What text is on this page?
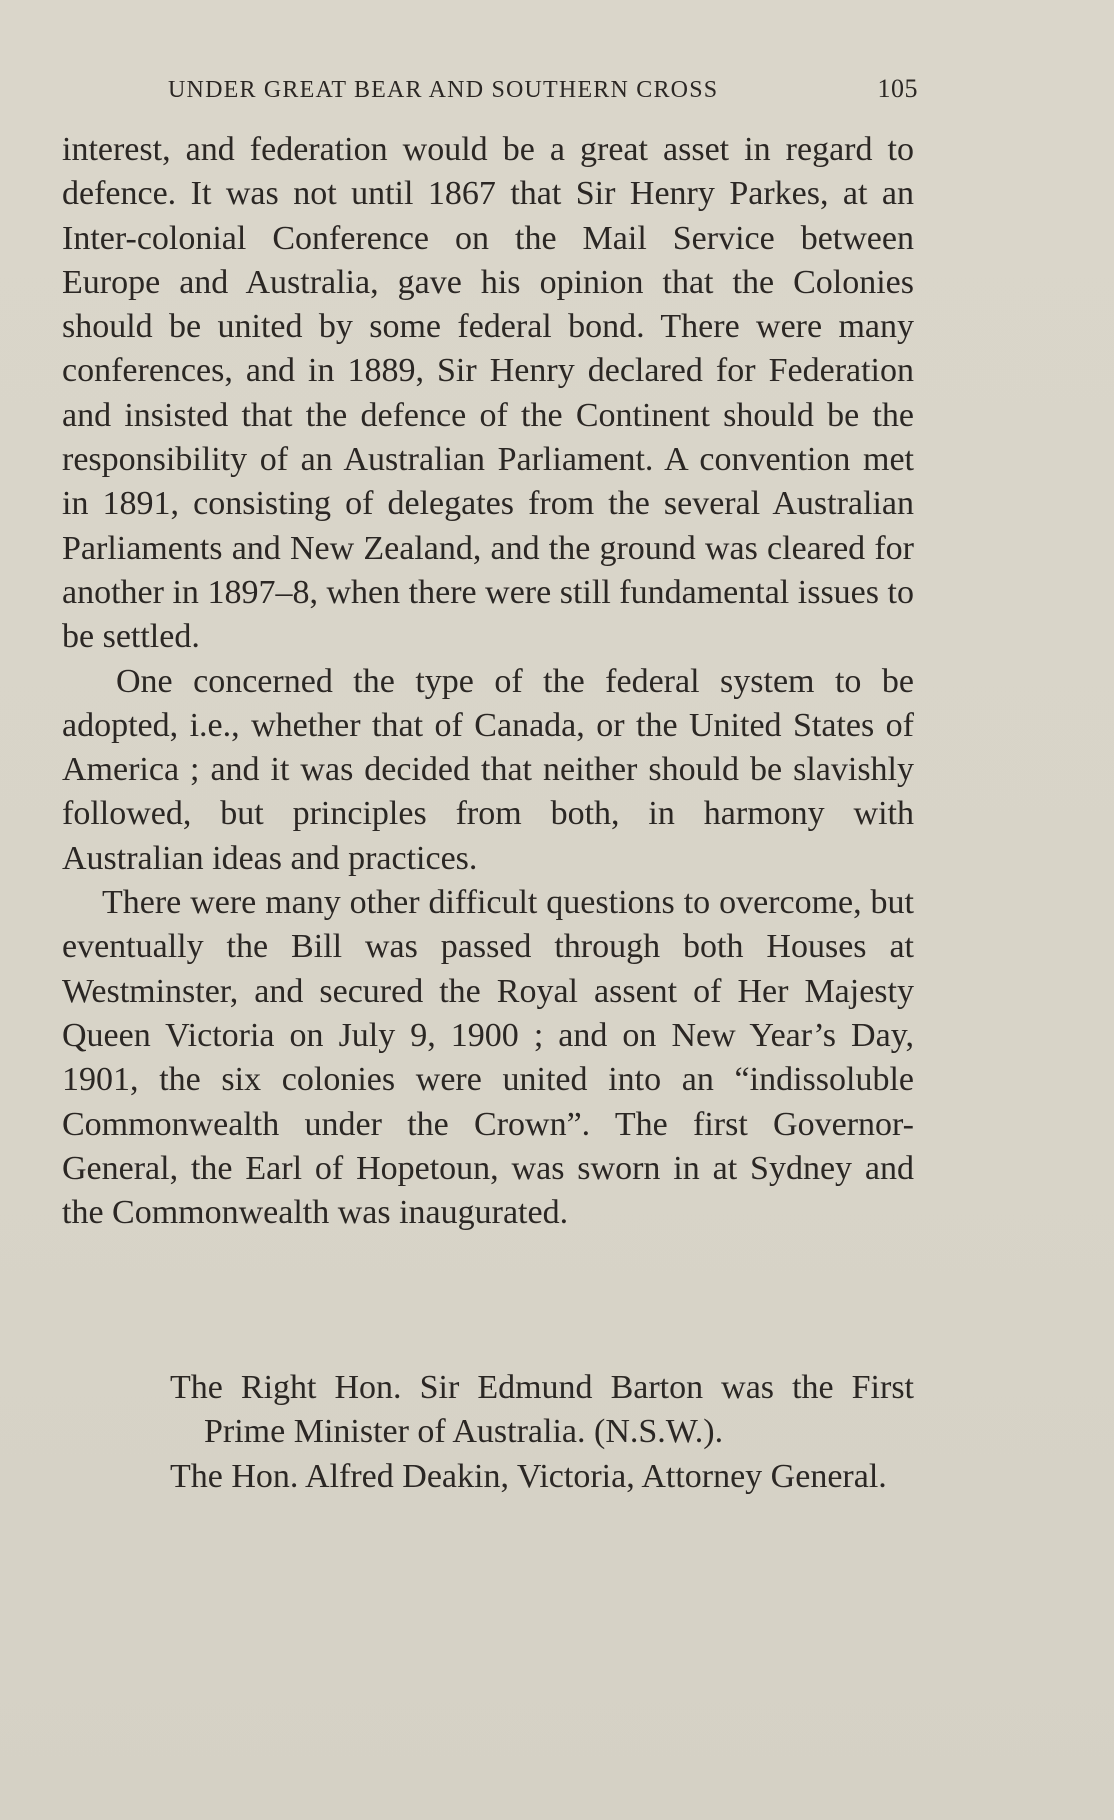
UNDER GREAT BEAR AND SOUTHERN CROSS	105

interest, and federation would be a great asset in regard to defence. It was not until 1867 that Sir Henry Parkes, at an Inter-colonial Conference on the Mail Service between Europe and Australia, gave his opinion that the Colonies should be united by some federal bond. There were many conferences, and in 1889, Sir Henry declared for Federation and insisted that the defence of the Continent should be the responsibility of an Australian Parliament. A convention met in 1891, consisting of delegates from the several Australian Parliaments and New Zealand, and the ground was cleared for another in 1897–8, when there were still fundamental issues to be settled.

One concerned the type of the federal system to be adopted, i.e., whether that of Canada, or the United States of America ; and it was decided that neither should be slavishly followed, but principles from both, in harmony with Australian ideas and practices.

There were many other difficult questions to overcome, but eventually the Bill was passed through both Houses at Westminster, and secured the Royal assent of Her Majesty Queen Victoria on July 9, 1900 ; and on New Year’s Day, 1901, the six colonies were united into an “indissoluble Commonwealth under the Crown”. The first Governor-General, the Earl of Hopetoun, was sworn in at Sydney and the Commonwealth was inaugurated.

The Right Hon. Sir Edmund Barton was the First Prime Minister of Australia. (N.S.W.).

The Hon. Alfred Deakin, Victoria, Attorney General.
